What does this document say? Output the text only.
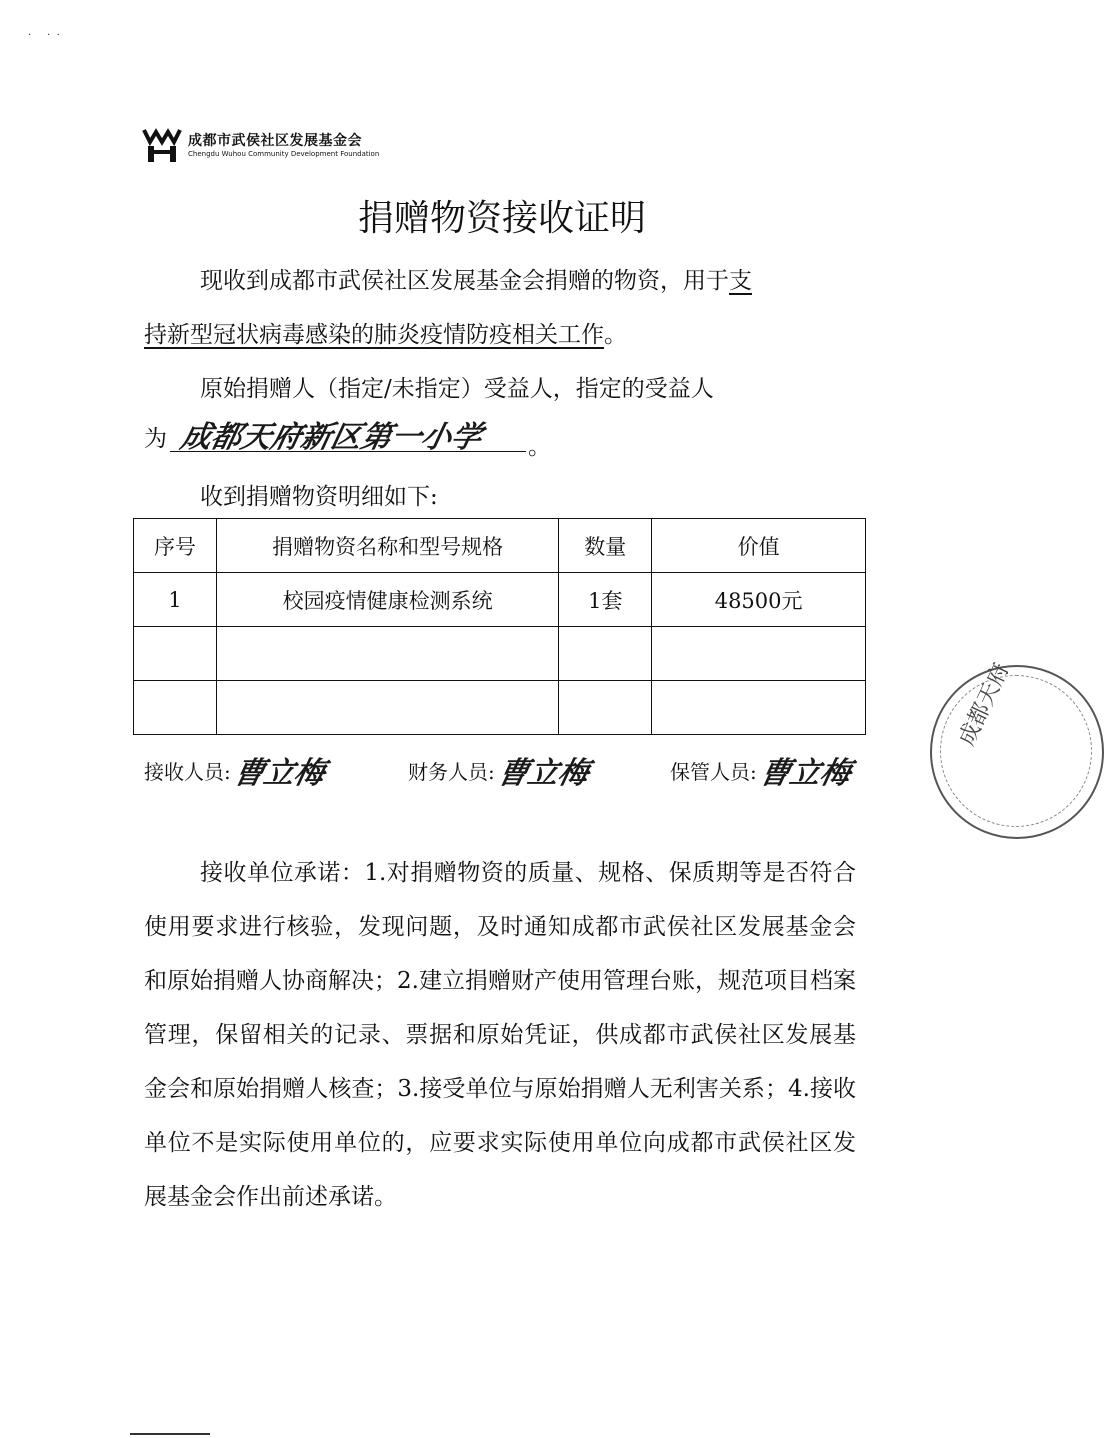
·     ·  ·
成都市武侯社区发展基金会
Chengdu Wuhou Community Development Foundation
捐赠物资接收证明
现收到成都市武侯社区发展基金会捐赠的物资，用于支
持新型冠状病毒感染的肺炎疫情防疫相关工作。
原始捐赠人（指定/未指定）受益人，指定的受益人
为 成都天府新区第一小学 。
收到捐赠物资明细如下:
序号	捐赠物资名称和型号规格	数量	价值
1	校园疫情健康检测系统	1套	48500元

接收人员:曹立梅	财务人员:曹立梅	保管人员:曹立梅
成都天府

接收单位承诺：1.对捐赠物资的质量、规格、保质期等是否符合使用要求进行核验，发现问题，及时通知成都市武侯社区发展基金会和原始捐赠人协商解决；2.建立捐赠财产使用管理台账，规范项目档案管理，保留相关的记录、票据和原始凭证，供成都市武侯社区发展基金会和原始捐赠人核查；3.接受单位与原始捐赠人无利害关系；4.接收单位不是实际使用单位的，应要求实际使用单位向成都市武侯社区发展基金会作出前述承诺。
